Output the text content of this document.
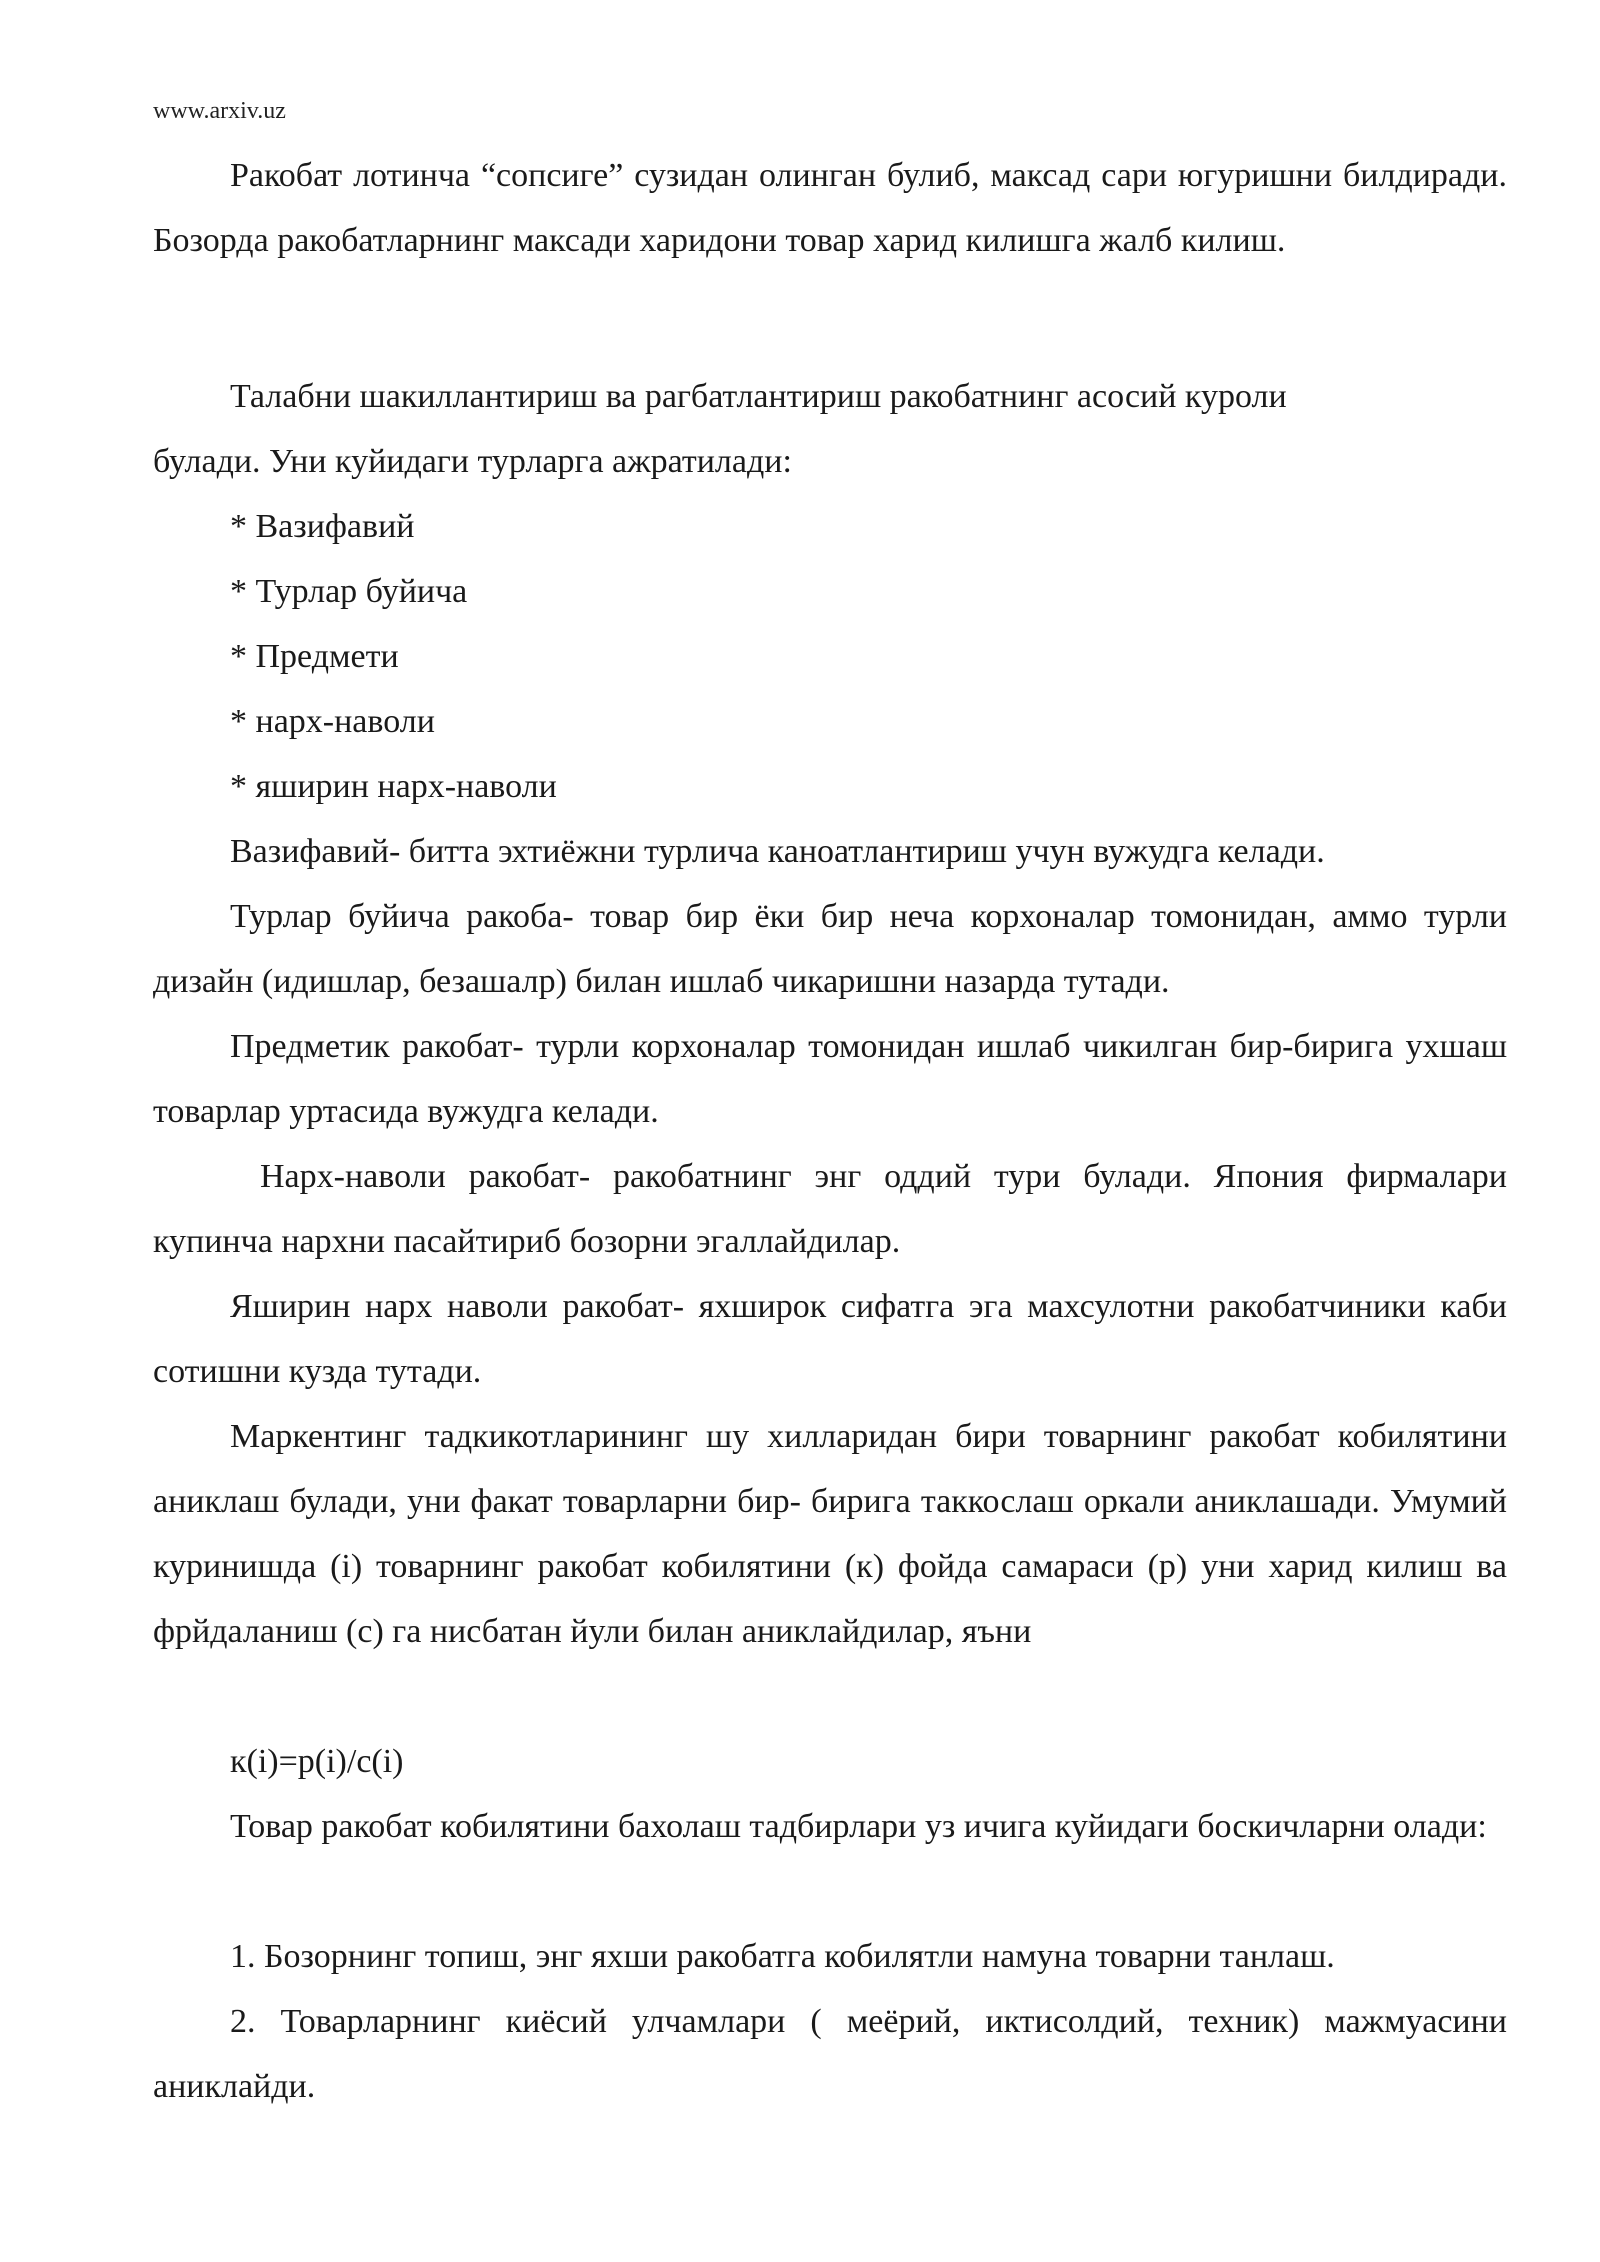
www.arxiv.uz

Ракобат лотинча “сопсиге” сузидан олинган булиб, максад сари югуришни билдиради. Бозорда ракобатларнинг максади харидони товар харид килишга жалб килиш.

Талабни шакиллантириш ва рагбатлантириш ракобатнинг асосий куроли

булади. Уни куйидаги турларга ажратилади:

* Вазифавий

* Турлар буйича

* Предмети

* нарх-наволи

* яширин нарх-наволи

Вазифавий- битта эхтиёжни турлича каноатлантириш учун вужудга келади.

Турлар буйича ракоба- товар бир ёки бир неча корхоналар томонидан, аммо турли дизайн (идишлар, безашалр) билан ишлаб чикаришни назарда тутади.

Предметик ракобат- турли корхоналар томонидан ишлаб чикилган бир-бирига ухшаш товарлар уртасида вужудга келади.

Нарх-наволи ракобат- ракобатнинг энг оддий тури булади. Япония фирмалари купинча нархни пасайтириб бозорни эгаллайдилар.

Яширин нарх наволи ракобат- яхширок сифатга эга махсулотни ракобатчиники каби сотишни кузда тутади.

Маркентинг тадкикотларининг шу хилларидан бири товарнинг ракобат кобилятини аниклаш булади, уни факат товарларни бир- бирига таккослаш оркали аниклашади. Умумий куринишда (i) товарнинг ракобат кобилятини (к) фойда самараси (р) уни харид килиш ва фрйдаланиш (с) га нисбатан йули билан аниклайдилар, яъни

к(i)=р(i)/с(i)

Товар ракобат кобилятини бахолаш тадбирлари уз ичига куйидаги боскичларни олади:

1. Бозорнинг топиш, энг яхши ракобатга кобилятли намуна товарни танлаш.

2. Товарларнинг киёсий улчамлари ( меёрий, иктисолдий, техник) мажмуасини аниклайди.
